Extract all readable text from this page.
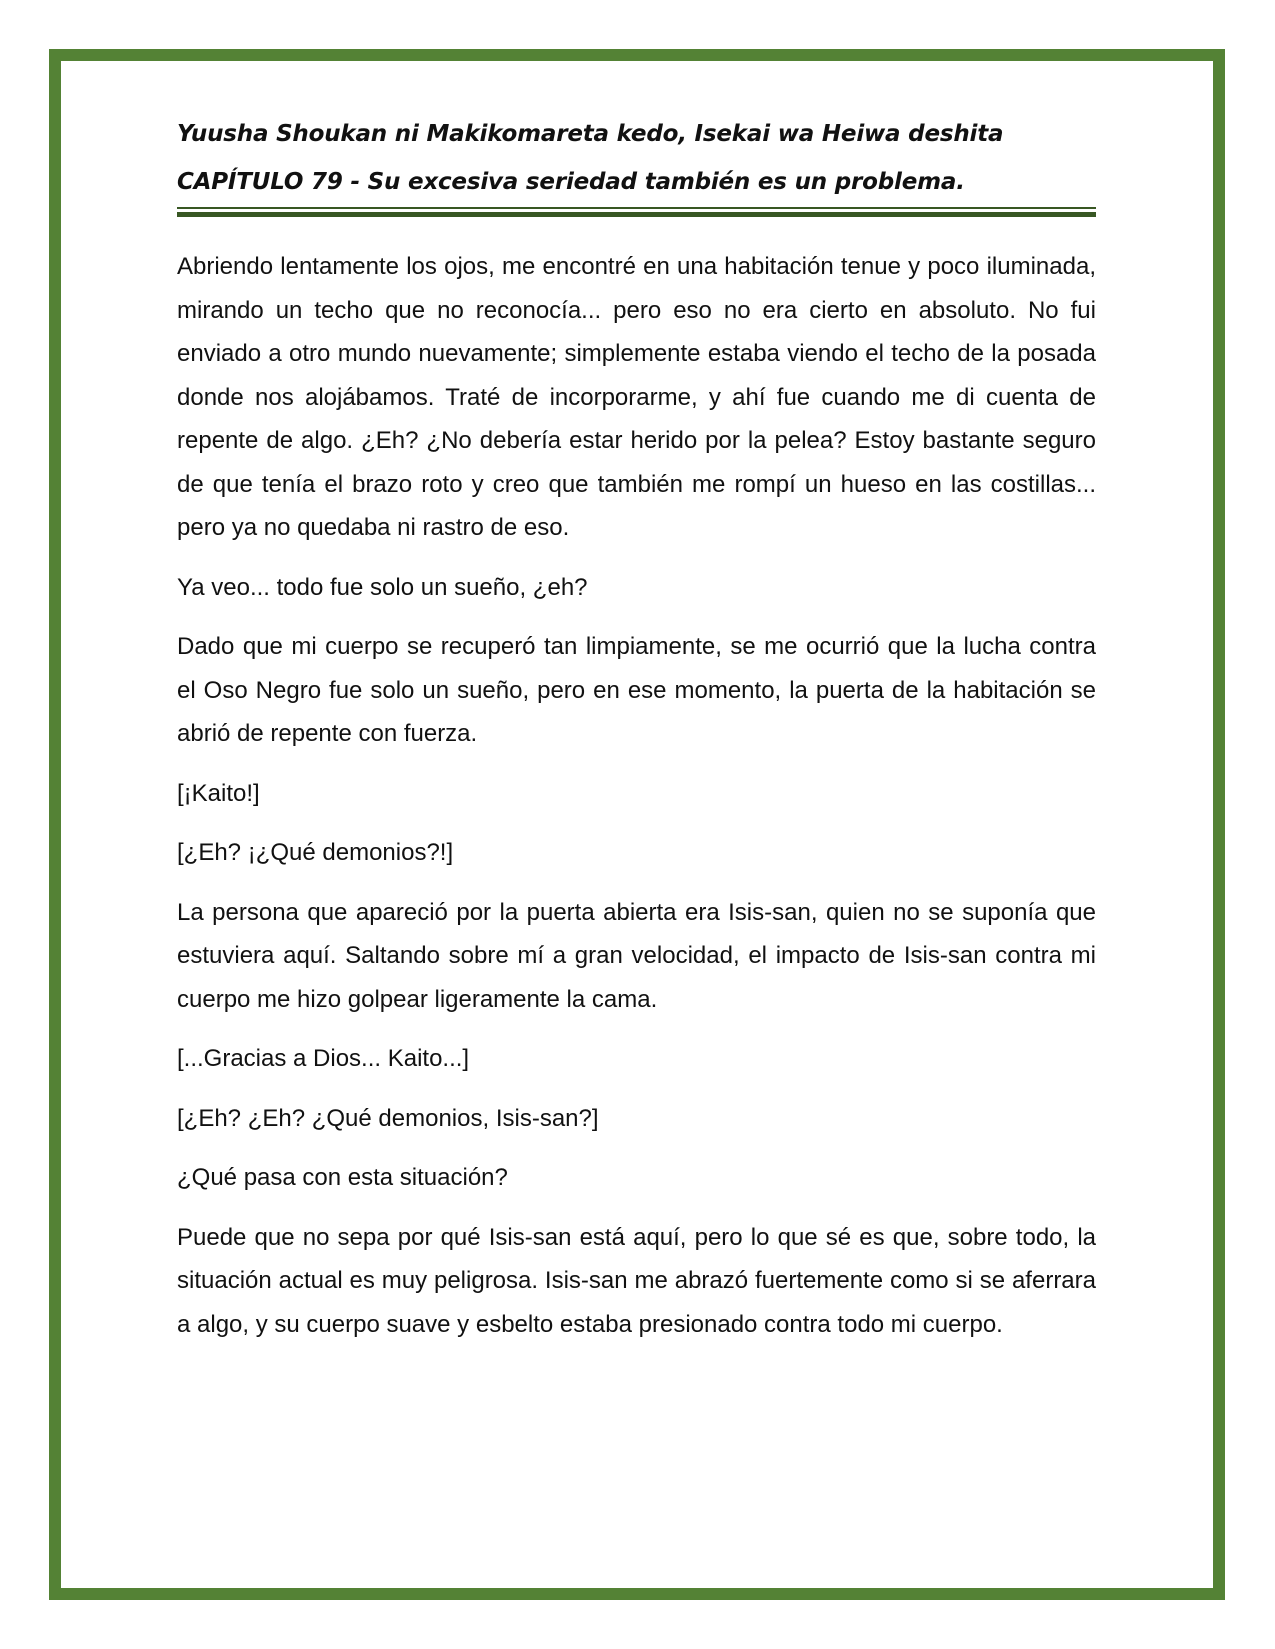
Yuusha Shoukan ni Makikomareta kedo, Isekai wa Heiwa deshita
CAPÍTULO 79 - Su excesiva seriedad también es un problema.

Abriendo lentamente los ojos, me encontré en una habitación tenue y poco iluminada, mirando un techo que no reconocía... pero eso no era cierto en absoluto. No fui enviado a otro mundo nuevamente; simplemente estaba viendo el techo de la posada donde nos alojábamos. Traté de incorporarme, y ahí fue cuando me di cuenta de repente de algo. ¿Eh? ¿No debería estar herido por la pelea? Estoy bastante seguro de que tenía el brazo roto y creo que también me rompí un hueso en las costillas... pero ya no quedaba ni rastro de eso.

Ya veo... todo fue solo un sueño, ¿eh?

Dado que mi cuerpo se recuperó tan limpiamente, se me ocurrió que la lucha contra el Oso Negro fue solo un sueño, pero en ese momento, la puerta de la habitación se abrió de repente con fuerza.

[¡Kaito!]

[¿Eh? ¡¿Qué demonios?!]

La persona que apareció por la puerta abierta era Isis-san, quien no se suponía que estuviera aquí. Saltando sobre mí a gran velocidad, el impacto de Isis-san contra mi cuerpo me hizo golpear ligeramente la cama.

[...Gracias a Dios... Kaito...]

[¿Eh? ¿Eh? ¿Qué demonios, Isis-san?]

¿Qué pasa con esta situación?

Puede que no sepa por qué Isis-san está aquí, pero lo que sé es que, sobre todo, la situación actual es muy peligrosa. Isis-san me abrazó fuertemente como si se aferrara a algo, y su cuerpo suave y esbelto estaba presionado contra todo mi cuerpo.
